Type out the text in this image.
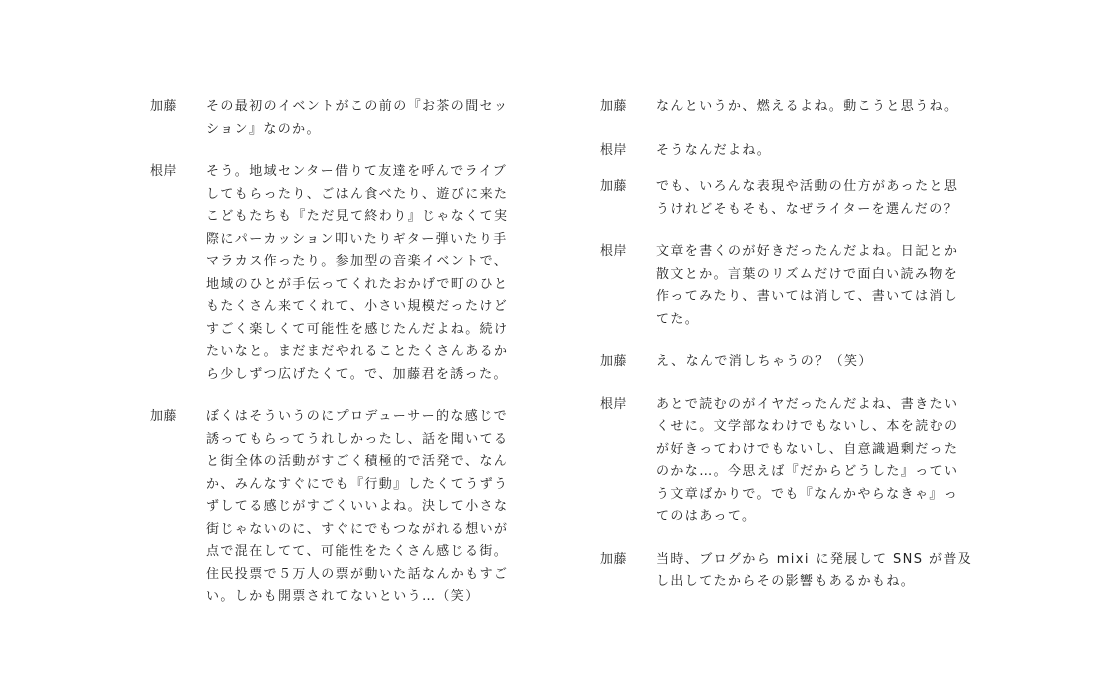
加藤	その最初のイベントがこの前の『お茶の間セッ
ション』なのか。
根岸	そう。地域センター借りて友達を呼んでライブ
してもらったり、ごはん食べたり、遊びに来た
こどもたちも『ただ見て終わり』じゃなくて実
際にパーカッション叩いたりギター弾いたり手
マラカス作ったり。参加型の音楽イベントで、
地域のひとが手伝ってくれたおかげで町のひと
もたくさん来てくれて、小さい規模だったけど
すごく楽しくて可能性を感じたんだよね。続け
たいなと。まだまだやれることたくさんあるか
ら少しずつ広げたくて。で、加藤君を誘った。
加藤	ぼくはそういうのにプロデューサー的な感じで
誘ってもらってうれしかったし、話を聞いてる
と街全体の活動がすごく積極的で活発で、なん
か、みんなすぐにでも『行動』したくてうずう
ずしてる感じがすごくいいよね。決して小さな
街じゃないのに、すぐにでもつながれる想いが
点で混在してて、可能性をたくさん感じる街。
住民投票で５万人の票が動いた話なんかもすご
い。しかも開票されてないという…（笑）
加藤	なんというか、燃えるよね。動こうと思うね。
根岸	そうなんだよね。
加藤	でも、いろんな表現や活動の仕方があったと思
うけれどそもそも、なぜライターを選んだの？
根岸	文章を書くのが好きだったんだよね。日記とか
散文とか。言葉のリズムだけで面白い読み物を
作ってみたり、書いては消して、書いては消し
てた。
加藤	え、なんで消しちゃうの？（笑）
根岸	あとで読むのがイヤだったんだよね、書きたい
くせに。文学部なわけでもないし、本を読むの
が好きってわけでもないし、自意識過剰だった
のかな…。今思えば『だからどうした』ってい
う文章ばかりで。でも『なんかやらなきゃ』っ
てのはあって。
加藤	当時、ブログから mixi に発展して SNS が普及
し出してたからその影響もあるかもね。
